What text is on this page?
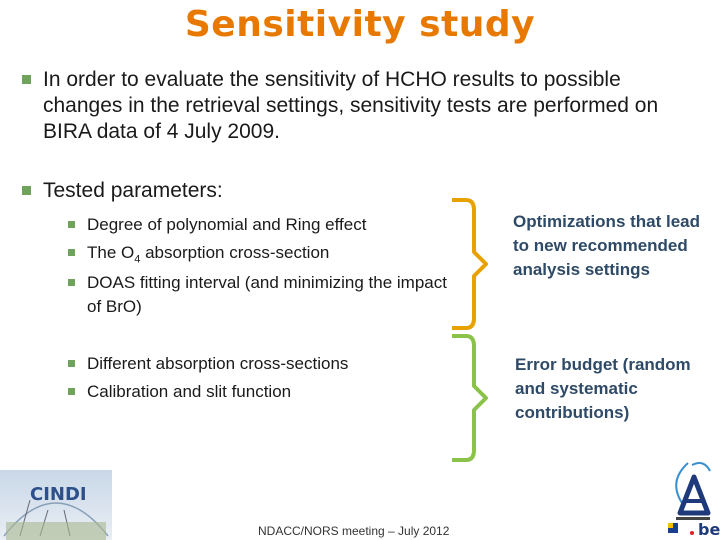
Sensitivity study
In order to evaluate the sensitivity of HCHO results to possible changes in the retrieval settings, sensitivity tests are performed on BIRA data of 4 July 2009.
Tested parameters:
Degree of polynomial and Ring effect
The $O_4$ absorption cross-section
DOAS fitting interval (and minimizing the impact of BrO)
Different absorption cross-sections
Calibration and slit function
Optimizations that lead to new recommended analysis settings
Error budget (random and systematic contributions)
CINDI
be
NDACC/NORS meeting – July 2012
